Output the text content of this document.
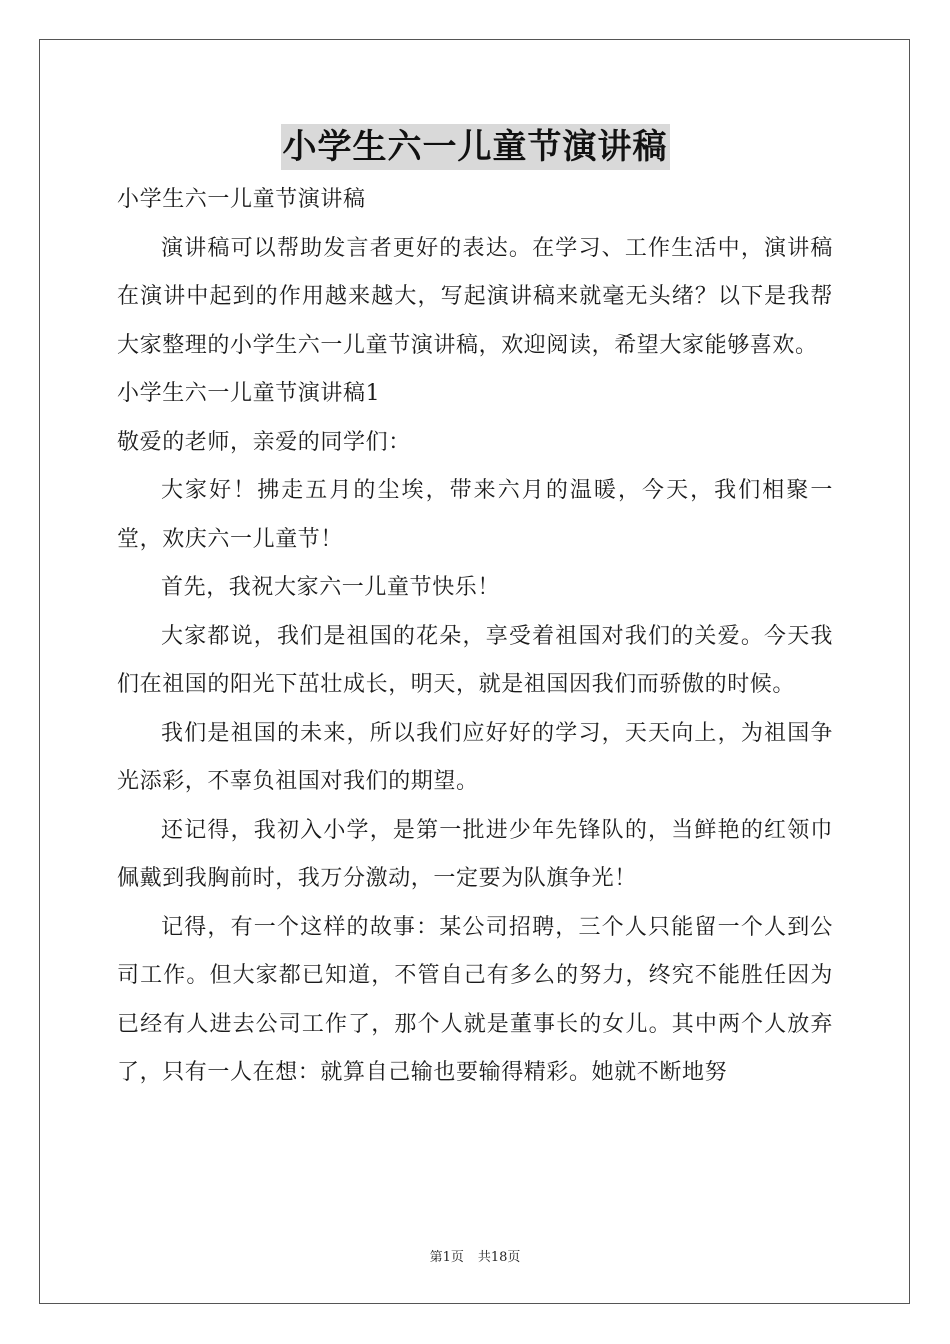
小学生六一儿童节演讲稿

小学生六一儿童节演讲稿

演讲稿可以帮助发言者更好的表达。在学习、工作生活中，演讲稿在演讲中起到的作用越来越大，写起演讲稿来就毫无头绪？以下是我帮大家整理的小学生六一儿童节演讲稿，欢迎阅读，希望大家能够喜欢。

小学生六一儿童节演讲稿1

敬爱的老师，亲爱的同学们：

大家好！拂走五月的尘埃，带来六月的温暖，今天，我们相聚一堂，欢庆六一儿童节！

首先，我祝大家六一儿童节快乐！

大家都说，我们是祖国的花朵，享受着祖国对我们的关爱。今天我们在祖国的阳光下茁壮成长，明天，就是祖国因我们而骄傲的时候。

我们是祖国的未来，所以我们应好好的学习，天天向上，为祖国争光添彩，不辜负祖国对我们的期望。

还记得，我初入小学，是第一批进少年先锋队的，当鲜艳的红领巾佩戴到我胸前时，我万分激动，一定要为队旗争光！

记得，有一个这样的故事：某公司招聘，三个人只能留一个人到公司工作。但大家都已知道，不管自己有多么的努力，终究不能胜任因为已经有人进去公司工作了，那个人就是董事长的女儿。其中两个人放弃了，只有一人在想：就算自己输也要输得精彩。她就不断地努

第1页 共18页
